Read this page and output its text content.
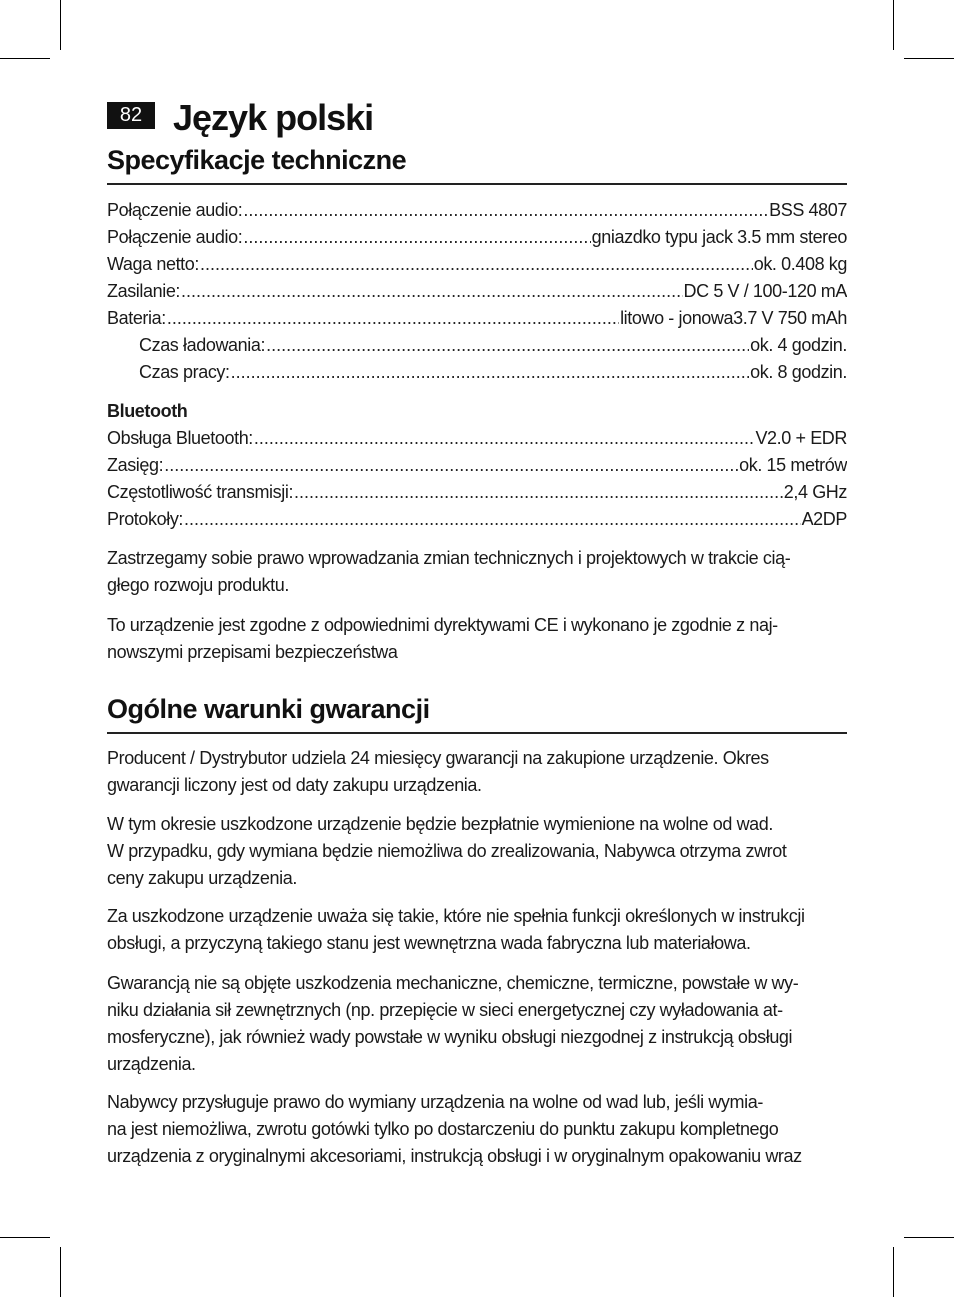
82 Język polski
Specyfikacje techniczne
Połączenie audio: .....	BSS 4807
Połączenie audio: .....	gniazdko typu jack 3.5 mm stereo
Waga netto: .....	ok. 0.408 kg
Zasilanie: .....	DC 5 V / 100-120 mA
Bateria: .....	litowo - jonowa3.7 V 750 mAh
Czas ładowania: .....	ok. 4 godzin.
Czas pracy: .....	ok. 8 godzin.
Bluetooth
Obsługa Bluetooth: .....	V2.0 + EDR
Zasięg: .....	ok. 15 metrów
Częstotliwość transmisji: .....	2,4 GHz
Protokoły: .....	A2DP

Zastrzegamy sobie prawo wprowadzania zmian technicznych i projektowych w trakcie cią-
głego rozwoju produktu.

To urządzenie jest zgodne z odpowiednimi dyrektywami CE i wykonano je zgodnie z naj-
nowszymi przepisami bezpieczeństwa

Ogólne warunki gwarancji

Producent / Dystrybutor udziela 24 miesięcy gwarancji na zakupione urządzenie. Okres
gwarancji liczony jest od daty zakupu urządzenia.

W tym okresie uszkodzone urządzenie będzie bezpłatnie wymienione na wolne od wad.
W przypadku, gdy wymiana będzie niemożliwa do zrealizowania, Nabywca otrzyma zwrot
ceny zakupu urządzenia.

Za uszkodzone urządzenie uważa się takie, które nie spełnia funkcji określonych w instrukcji
obsługi, a przyczyną takiego stanu jest wewnętrzna wada fabryczna lub materiałowa.

Gwarancją nie są objęte uszkodzenia mechaniczne, chemiczne, termiczne, powstałe w wy-
niku działania sił zewnętrznych (np. przepięcie w sieci energetycznej czy wyładowania at-
mosferyczne), jak również wady powstałe w wyniku obsługi niezgodnej z instrukcją obsługi
urządzenia.

Nabywcy przysługuje prawo do wymiany urządzenia na wolne od wad lub, jeśli wymia-
na jest niemożliwa, zwrotu gotówki tylko po dostarczeniu do punktu zakupu kompletnego
urządzenia z oryginalnymi akcesoriami, instrukcją obsługi i w oryginalnym opakowaniu wraz
